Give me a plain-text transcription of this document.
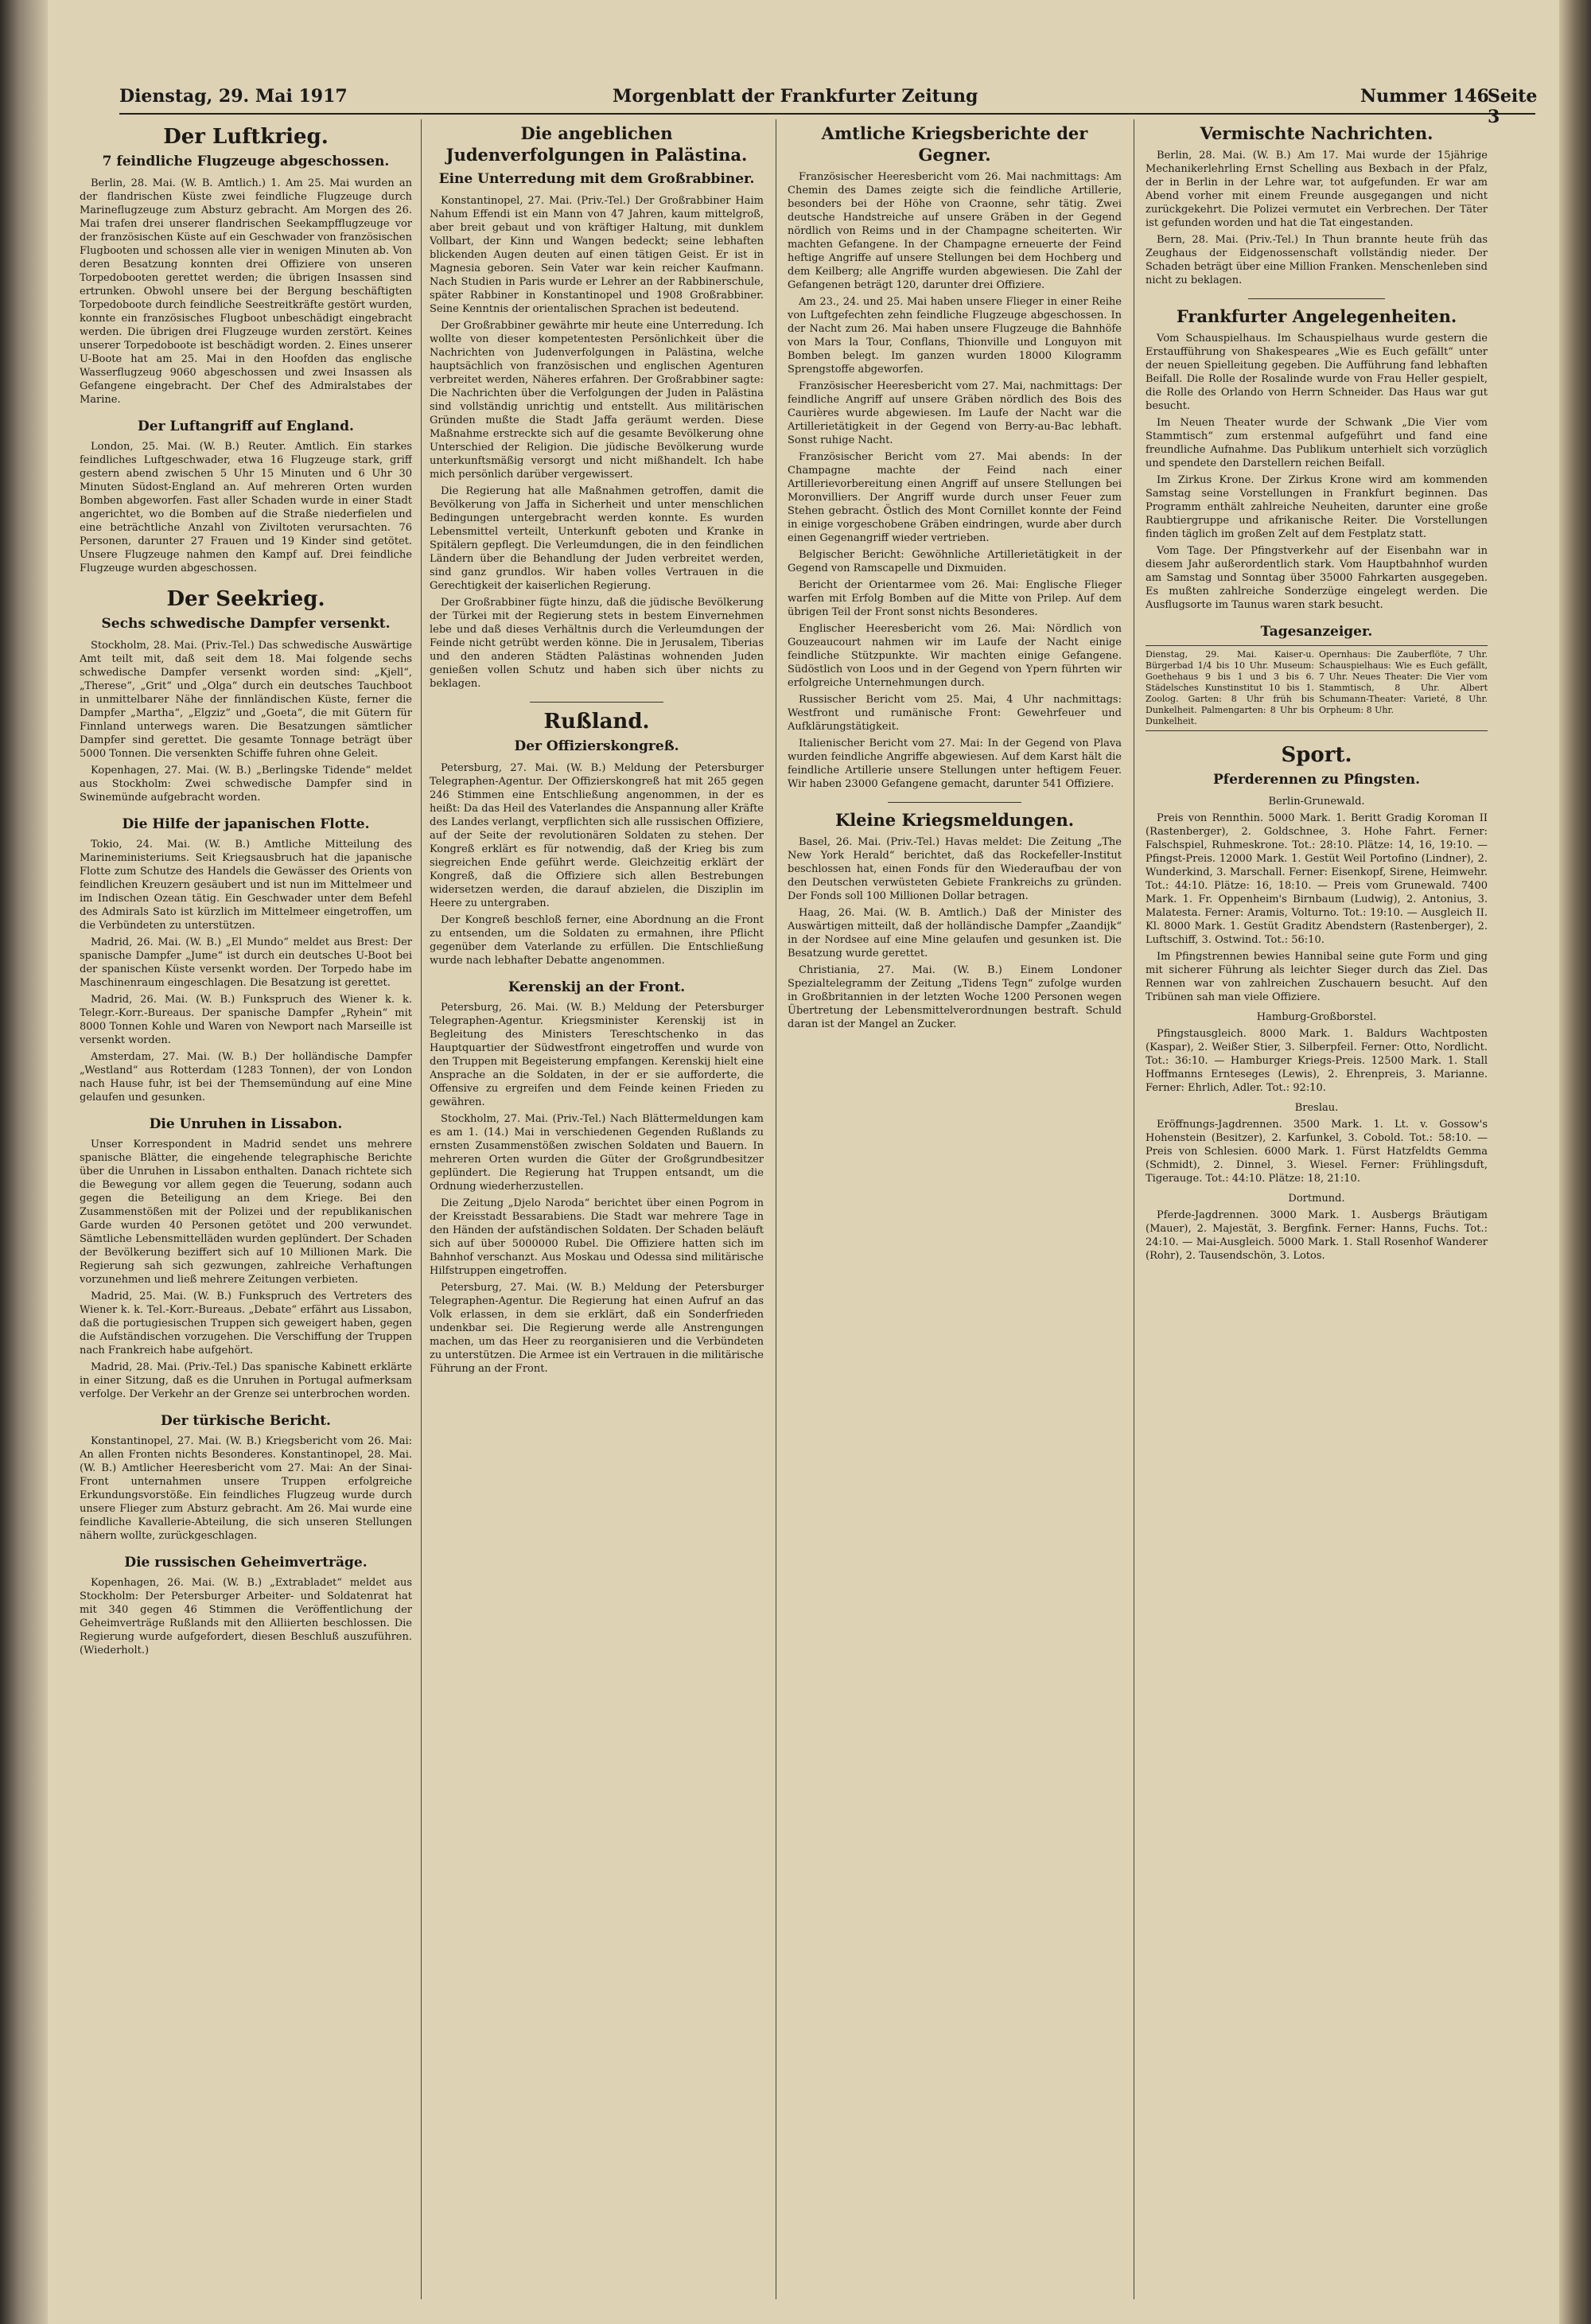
Dienstag, 29. Mai 1917	Morgenblatt der Frankfurter Zeitung	Nummer 146
Seite 3
Der Luftkrieg.
7 feindliche Flugzeuge abgeschossen.

Berlin, 28. Mai. (W. B. Amtlich.) 1. Am 25. Mai wurden an der flandrischen Küste zwei feindliche Flugzeuge durch Marineflugzeuge zum Absturz gebracht. Am Morgen des 26. Mai trafen drei unserer flandrischen Seekampfflugzeuge vor der französischen Küste auf ein Geschwader von französischen Flugbooten und schossen alle vier in wenigen Minuten ab. Von deren Besatzung konnten drei Offiziere von unseren Torpedobooten gerettet werden; die übrigen Insassen sind ertrunken. Obwohl unsere bei der Bergung beschäftigten Torpedoboote durch feindliche Seestreitkräfte gestört wurden, konnte ein französisches Flugboot unbeschädigt eingebracht werden. Die übrigen drei Flugzeuge wurden zerstört. Keines unserer Torpedoboote ist beschädigt worden. 2. Eines unserer U-Boote hat am 25. Mai in den Hoofden das englische Wasserflugzeug 9060 abgeschossen und zwei Insassen als Gefangene eingebracht. Der Chef des Admiralstabes der Marine.

Der Luftangriff auf England.

London, 25. Mai. (W. B.) Reuter. Amtlich. Ein starkes feindliches Luftgeschwader, etwa 16 Flugzeuge stark, griff gestern abend zwischen 5 Uhr 15 Minuten und 6 Uhr 30 Minuten Südost-England an. Auf mehreren Orten wurden Bomben abgeworfen. Fast aller Schaden wurde in einer Stadt angerichtet, wo die Bomben auf die Straße niederfielen und eine beträchtliche Anzahl von Ziviltoten verursachten. 76 Personen, darunter 27 Frauen und 19 Kinder sind getötet. Unsere Flugzeuge nahmen den Kampf auf. Drei feindliche Flugzeuge wurden abgeschossen.

Der Seekrieg.
Sechs schwedische Dampfer versenkt.

Stockholm, 28. Mai. (Priv.-Tel.) Das schwedische Auswärtige Amt teilt mit, daß seit dem 18. Mai folgende sechs schwedische Dampfer versenkt worden sind: „Kjell“, „Therese“, „Grit“ und „Olga“ durch ein deutsches Tauchboot in unmittelbarer Nähe der finnländischen Küste, ferner die Dampfer „Martha“, „Elgziz“ und „Goeta“, die mit Gütern für Finnland unterwegs waren. Die Besatzungen sämtlicher Dampfer sind gerettet. Die gesamte Tonnage beträgt über 5000 Tonnen. Die versenkten Schiffe fuhren ohne Geleit.

Kopenhagen, 27. Mai. (W. B.) „Berlingske Tidende“ meldet aus Stockholm: Zwei schwedische Dampfer sind in Swinemünde aufgebracht worden.

Die Hilfe der japanischen Flotte.

Tokio, 24. Mai. (W. B.) Amtliche Mitteilung des Marineministeriums. Seit Kriegsausbruch hat die japanische Flotte zum Schutze des Handels die Gewässer des Orients von feindlichen Kreuzern gesäubert und ist nun im Mittelmeer und im Indischen Ozean tätig. Ein Geschwader unter dem Befehl des Admirals Sato ist kürzlich im Mittelmeer eingetroffen, um die Verbündeten zu unterstützen.

Madrid, 26. Mai. (W. B.) „El Mundo“ meldet aus Brest: Der spanische Dampfer „Jume“ ist durch ein deutsches U-Boot bei der spanischen Küste versenkt worden. Der Torpedo habe im Maschinenraum eingeschlagen. Die Besatzung ist gerettet.

Madrid, 26. Mai. (W. B.) Funkspruch des Wiener k. k. Telegr.-Korr.-Bureaus. Der spanische Dampfer „Ryhein“ mit 8000 Tonnen Kohle und Waren von Newport nach Marseille ist versenkt worden.

Amsterdam, 27. Mai. (W. B.) Der holländische Dampfer „Westland“ aus Rotterdam (1283 Tonnen), der von London nach Hause fuhr, ist bei der Themsemündung auf eine Mine gelaufen und gesunken.

Die Unruhen in Lissabon.

Unser Korrespondent in Madrid sendet uns mehrere spanische Blätter, die eingehende telegraphische Berichte über die Unruhen in Lissabon enthalten. Danach richtete sich die Bewegung vor allem gegen die Teuerung, sodann auch gegen die Beteiligung an dem Kriege. Bei den Zusammenstößen mit der Polizei und der republikanischen Garde wurden 40 Personen getötet und 200 verwundet. Sämtliche Lebensmittelläden wurden geplündert. Der Schaden der Bevölkerung beziffert sich auf 10 Millionen Mark. Die Regierung sah sich gezwungen, zahlreiche Verhaftungen vorzunehmen und ließ mehrere Zeitungen verbieten.

Madrid, 25. Mai. (W. B.) Funkspruch des Vertreters des Wiener k. k. Tel.-Korr.-Bureaus. „Debate“ erfährt aus Lissabon, daß die portugiesischen Truppen sich geweigert haben, gegen die Aufständischen vorzugehen. Die Verschiffung der Truppen nach Frankreich habe aufgehört.

Madrid, 28. Mai. (Priv.-Tel.) Das spanische Kabinett erklärte in einer Sitzung, daß es die Unruhen in Portugal aufmerksam verfolge. Der Verkehr an der Grenze sei unterbrochen worden.

Der türkische Bericht.

Konstantinopel, 27. Mai. (W. B.) Kriegsbericht vom 26. Mai: An allen Fronten nichts Besonderes. Konstantinopel, 28. Mai. (W. B.) Amtlicher Heeresbericht vom 27. Mai: An der Sinai-Front unternahmen unsere Truppen erfolgreiche Erkundungsvorstöße. Ein feindliches Flugzeug wurde durch unsere Flieger zum Absturz gebracht. Am 26. Mai wurde eine feindliche Kavallerie-Abteilung, die sich unseren Stellungen nähern wollte, zurückgeschlagen.

Die russischen Geheimverträge.

Kopenhagen, 26. Mai. (W. B.) „Extrabladet“ meldet aus Stockholm: Der Petersburger Arbeiter- und Soldatenrat hat mit 340 gegen 46 Stimmen die Veröffentlichung der Geheimverträge Rußlands mit den Alliierten beschlossen. Die Regierung wurde aufgefordert, diesen Beschluß auszuführen. (Wiederholt.)

Die angeblichen Judenverfolgungen in Palästina.
Eine Unterredung mit dem Großrabbiner.

Konstantinopel, 27. Mai. (Priv.-Tel.) Der Großrabbiner Haim Nahum Effendi ist ein Mann von 47 Jahren, kaum mittelgroß, aber breit gebaut und von kräftiger Haltung, mit dunklem Vollbart, der Kinn und Wangen bedeckt; seine lebhaften blickenden Augen deuten auf einen tätigen Geist. Er ist in Magnesia geboren. Sein Vater war kein reicher Kaufmann. Nach Studien in Paris wurde er Lehrer an der Rabbinerschule, später Rabbiner in Konstantinopel und 1908 Großrabbiner. Seine Kenntnis der orientalischen Sprachen ist bedeutend.

Der Großrabbiner gewährte mir heute eine Unterredung. Ich wollte von dieser kompetentesten Persönlichkeit über die Nachrichten von Judenverfolgungen in Palästina, welche hauptsächlich von französischen und englischen Agenturen verbreitet werden, Näheres erfahren. Der Großrabbiner sagte: Die Nachrichten über die Verfolgungen der Juden in Palästina sind vollständig unrichtig und entstellt. Aus militärischen Gründen mußte die Stadt Jaffa geräumt werden. Diese Maßnahme erstreckte sich auf die gesamte Bevölkerung ohne Unterschied der Religion. Die jüdische Bevölkerung wurde unterkunftsmäßig versorgt und nicht mißhandelt. Ich habe mich persönlich darüber vergewissert.

Die Regierung hat alle Maßnahmen getroffen, damit die Bevölkerung von Jaffa in Sicherheit und unter menschlichen Bedingungen untergebracht werden konnte. Es wurden Lebensmittel verteilt, Unterkunft geboten und Kranke in Spitälern gepflegt. Die Verleumdungen, die in den feindlichen Ländern über die Behandlung der Juden verbreitet werden, sind ganz grundlos. Wir haben volles Vertrauen in die Gerechtigkeit der kaiserlichen Regierung.

Der Großrabbiner fügte hinzu, daß die jüdische Bevölkerung der Türkei mit der Regierung stets in bestem Einvernehmen lebe und daß dieses Verhältnis durch die Verleumdungen der Feinde nicht getrübt werden könne. Die in Jerusalem, Tiberias und den anderen Städten Palästinas wohnenden Juden genießen vollen Schutz und haben sich über nichts zu beklagen.

Rußland.
Der Offizierskongreß.

Petersburg, 27. Mai. (W. B.) Meldung der Petersburger Telegraphen-Agentur. Der Offizierskongreß hat mit 265 gegen 246 Stimmen eine Entschließung angenommen, in der es heißt: Da das Heil des Vaterlandes die Anspannung aller Kräfte des Landes verlangt, verpflichten sich alle russischen Offiziere, auf der Seite der revolutionären Soldaten zu stehen. Der Kongreß erklärt es für notwendig, daß der Krieg bis zum siegreichen Ende geführt werde. Gleichzeitig erklärt der Kongreß, daß die Offiziere sich allen Bestrebungen widersetzen werden, die darauf abzielen, die Disziplin im Heere zu untergraben.

Der Kongreß beschloß ferner, eine Abordnung an die Front zu entsenden, um die Soldaten zu ermahnen, ihre Pflicht gegenüber dem Vaterlande zu erfüllen. Die Entschließung wurde nach lebhafter Debatte angenommen.

Kerenskij an der Front.

Petersburg, 26. Mai. (W. B.) Meldung der Petersburger Telegraphen-Agentur. Kriegsminister Kerenskij ist in Begleitung des Ministers Tereschtschenko in das Hauptquartier der Südwestfront eingetroffen und wurde von den Truppen mit Begeisterung empfangen. Kerenskij hielt eine Ansprache an die Soldaten, in der er sie aufforderte, die Offensive zu ergreifen und dem Feinde keinen Frieden zu gewähren.

Stockholm, 27. Mai. (Priv.-Tel.) Nach Blättermeldungen kam es am 1. (14.) Mai in verschiedenen Gegenden Rußlands zu ernsten Zusammenstößen zwischen Soldaten und Bauern. In mehreren Orten wurden die Güter der Großgrundbesitzer geplündert. Die Regierung hat Truppen entsandt, um die Ordnung wiederherzustellen.

Die Zeitung „Djelo Naroda“ berichtet über einen Pogrom in der Kreisstadt Bessarabiens. Die Stadt war mehrere Tage in den Händen der aufständischen Soldaten. Der Schaden beläuft sich auf über 5000000 Rubel. Die Offiziere hatten sich im Bahnhof verschanzt. Aus Moskau und Odessa sind militärische Hilfstruppen eingetroffen.

Petersburg, 27. Mai. (W. B.) Meldung der Petersburger Telegraphen-Agentur. Die Regierung hat einen Aufruf an das Volk erlassen, in dem sie erklärt, daß ein Sonderfrieden undenkbar sei. Die Regierung werde alle Anstrengungen machen, um das Heer zu reorganisieren und die Verbündeten zu unterstützen. Die Armee ist ein Vertrauen in die militärische Führung an der Front.

Amtliche Kriegsberichte der Gegner.

Französischer Heeresbericht vom 26. Mai nachmittags: Am Chemin des Dames zeigte sich die feindliche Artillerie, besonders bei der Höhe von Craonne, sehr tätig. Zwei deutsche Handstreiche auf unsere Gräben in der Gegend nördlich von Reims und in der Champagne scheiterten. Wir machten Gefangene. In der Champagne erneuerte der Feind heftige Angriffe auf unsere Stellungen bei dem Hochberg und dem Keilberg; alle Angriffe wurden abgewiesen. Die Zahl der Gefangenen beträgt 120, darunter drei Offiziere.

Am 23., 24. und 25. Mai haben unsere Flieger in einer Reihe von Luftgefechten zehn feindliche Flugzeuge abgeschossen. In der Nacht zum 26. Mai haben unsere Flugzeuge die Bahnhöfe von Mars la Tour, Conflans, Thionville und Longuyon mit Bomben belegt. Im ganzen wurden 18000 Kilogramm Sprengstoffe abgeworfen.

Französischer Heeresbericht vom 27. Mai, nachmittags: Der feindliche Angriff auf unsere Gräben nördlich des Bois des Caurières wurde abgewiesen. Im Laufe der Nacht war die Artillerietätigkeit in der Gegend von Berry-au-Bac lebhaft. Sonst ruhige Nacht.

Französischer Bericht vom 27. Mai abends: In der Champagne machte der Feind nach einer Artillerievorbereitung einen Angriff auf unsere Stellungen bei Moronvilliers. Der Angriff wurde durch unser Feuer zum Stehen gebracht. Östlich des Mont Cornillet konnte der Feind in einige vorgeschobene Gräben eindringen, wurde aber durch einen Gegenangriff wieder vertrieben.

Belgischer Bericht: Gewöhnliche Artillerietätigkeit in der Gegend von Ramscapelle und Dixmuiden.

Bericht der Orientarmee vom 26. Mai: Englische Flieger warfen mit Erfolg Bomben auf die Mitte von Prilep. Auf dem übrigen Teil der Front sonst nichts Besonderes.

Englischer Heeresbericht vom 26. Mai: Nördlich von Gouzeaucourt nahmen wir im Laufe der Nacht einige feindliche Stützpunkte. Wir machten einige Gefangene. Südöstlich von Loos und in der Gegend von Ypern führten wir erfolgreiche Unternehmungen durch.

Russischer Bericht vom 25. Mai, 4 Uhr nachmittags: Westfront und rumänische Front: Gewehrfeuer und Aufklärungstätigkeit.

Italienischer Bericht vom 27. Mai: In der Gegend von Plava wurden feindliche Angriffe abgewiesen. Auf dem Karst hält die feindliche Artillerie unsere Stellungen unter heftigem Feuer. Wir haben 23000 Gefangene gemacht, darunter 541 Offiziere.

Kleine Kriegsmeldungen.

Basel, 26. Mai. (Priv.-Tel.) Havas meldet: Die Zeitung „The New York Herald“ berichtet, daß das Rockefeller-Institut beschlossen hat, einen Fonds für den Wiederaufbau der von den Deutschen verwüsteten Gebiete Frankreichs zu gründen. Der Fonds soll 100 Millionen Dollar betragen.

Haag, 26. Mai. (W. B. Amtlich.) Daß der Minister des Auswärtigen mitteilt, daß der holländische Dampfer „Zaandijk“ in der Nordsee auf eine Mine gelaufen und gesunken ist. Die Besatzung wurde gerettet.

Christiania, 27. Mai. (W. B.) Einem Londoner Spezialtelegramm der Zeitung „Tidens Tegn“ zufolge wurden in Großbritannien in der letzten Woche 1200 Personen wegen Übertretung der Lebensmittelverordnungen bestraft. Schuld daran ist der Mangel an Zucker.

Vermischte Nachrichten.

Berlin, 28. Mai. (W. B.) Am 17. Mai wurde der 15jährige Mechanikerlehrling Ernst Schelling aus Bexbach in der Pfalz, der in Berlin in der Lehre war, tot aufgefunden. Er war am Abend vorher mit einem Freunde ausgegangen und nicht zurückgekehrt. Die Polizei vermutet ein Verbrechen. Der Täter ist gefunden worden und hat die Tat eingestanden.

Bern, 28. Mai. (Priv.-Tel.) In Thun brannte heute früh das Zeughaus der Eidgenossenschaft vollständig nieder. Der Schaden beträgt über eine Million Franken. Menschenleben sind nicht zu beklagen.

Frankfurter Angelegenheiten.

Vom Schauspielhaus. Im Schauspielhaus wurde gestern die Erstaufführung von Shakespeares „Wie es Euch gefällt“ unter der neuen Spielleitung gegeben. Die Aufführung fand lebhaften Beifall. Die Rolle der Rosalinde wurde von Frau Heller gespielt, die Rolle des Orlando von Herrn Schneider. Das Haus war gut besucht.

Im Neuen Theater wurde der Schwank „Die Vier vom Stammtisch“ zum erstenmal aufgeführt und fand eine freundliche Aufnahme. Das Publikum unterhielt sich vorzüglich und spendete den Darstellern reichen Beifall.

Im Zirkus Krone. Der Zirkus Krone wird am kommenden Samstag seine Vorstellungen in Frankfurt beginnen. Das Programm enthält zahlreiche Neuheiten, darunter eine große Raubtiergruppe und afrikanische Reiter. Die Vorstellungen finden täglich im großen Zelt auf dem Festplatz statt.

Vom Tage. Der Pfingstverkehr auf der Eisenbahn war in diesem Jahr außerordentlich stark. Vom Hauptbahnhof wurden am Samstag und Sonntag über 35000 Fahrkarten ausgegeben. Es mußten zahlreiche Sonderzüge eingelegt werden. Die Ausflugsorte im Taunus waren stark besucht.

Tagesanzeiger.
Dienstag, 29. Mai. Kaiser-u. Bürgerbad 1/4 bis 10 Uhr. Museum: Goethehaus 9 bis 1 und 3 bis 6. Städelsches Kunstinstitut 10 bis 1. Zoolog. Garten: 8 Uhr früh bis Dunkelheit. Palmengarten: 8 Uhr bis Dunkelheit.
Opernhaus: Die Zauberflöte, 7 Uhr. Schauspielhaus: Wie es Euch gefällt, 7 Uhr. Neues Theater: Die Vier vom Stammtisch, 8 Uhr. Albert Schumann-Theater: Varieté, 8 Uhr. Orpheum: 8 Uhr.
Sport.
Pferderennen zu Pfingsten.
Berlin-Grunewald.

Preis von Rennthin. 5000 Mark. 1. Beritt Gradig Koroman II (Rastenberger), 2. Goldschnee, 3. Hohe Fahrt. Ferner: Falschspiel, Ruhmeskrone. Tot.: 28:10. Plätze: 14, 16, 19:10. — Pfingst-Preis. 12000 Mark. 1. Gestüt Weil Portofino (Lindner), 2. Wunderkind, 3. Marschall. Ferner: Eisenkopf, Sirene, Heimwehr. Tot.: 44:10. Plätze: 16, 18:10. — Preis vom Grunewald. 7400 Mark. 1. Fr. Oppenheim's Birnbaum (Ludwig), 2. Antonius, 3. Malatesta. Ferner: Aramis, Volturno. Tot.: 19:10. — Ausgleich II. Kl. 8000 Mark. 1. Gestüt Graditz Abendstern (Rastenberger), 2. Luftschiff, 3. Ostwind. Tot.: 56:10.

Im Pfingstrennen bewies Hannibal seine gute Form und ging mit sicherer Führung als leichter Sieger durch das Ziel. Das Rennen war von zahlreichen Zuschauern besucht. Auf den Tribünen sah man viele Offiziere.

Hamburg-Großborstel.

Pfingstausgleich. 8000 Mark. 1. Baldurs Wachtposten (Kaspar), 2. Weißer Stier, 3. Silberpfeil. Ferner: Otto, Nordlicht. Tot.: 36:10. — Hamburger Kriegs-Preis. 12500 Mark. 1. Stall Hoffmanns Ernteseges (Lewis), 2. Ehrenpreis, 3. Marianne. Ferner: Ehrlich, Adler. Tot.: 92:10.

Breslau.

Eröffnungs-Jagdrennen. 3500 Mark. 1. Lt. v. Gossow's Hohenstein (Besitzer), 2. Karfunkel, 3. Cobold. Tot.: 58:10. — Preis von Schlesien. 6000 Mark. 1. Fürst Hatzfeldts Gemma (Schmidt), 2. Dinnel, 3. Wiesel. Ferner: Frühlingsduft, Tigerauge. Tot.: 44:10. Plätze: 18, 21:10.

Dortmund.

Pferde-Jagdrennen. 3000 Mark. 1. Ausbergs Bräutigam (Mauer), 2. Majestät, 3. Bergfink. Ferner: Hanns, Fuchs. Tot.: 24:10. — Mai-Ausgleich. 5000 Mark. 1. Stall Rosenhof Wanderer (Rohr), 2. Tausendschön, 3. Lotos.
